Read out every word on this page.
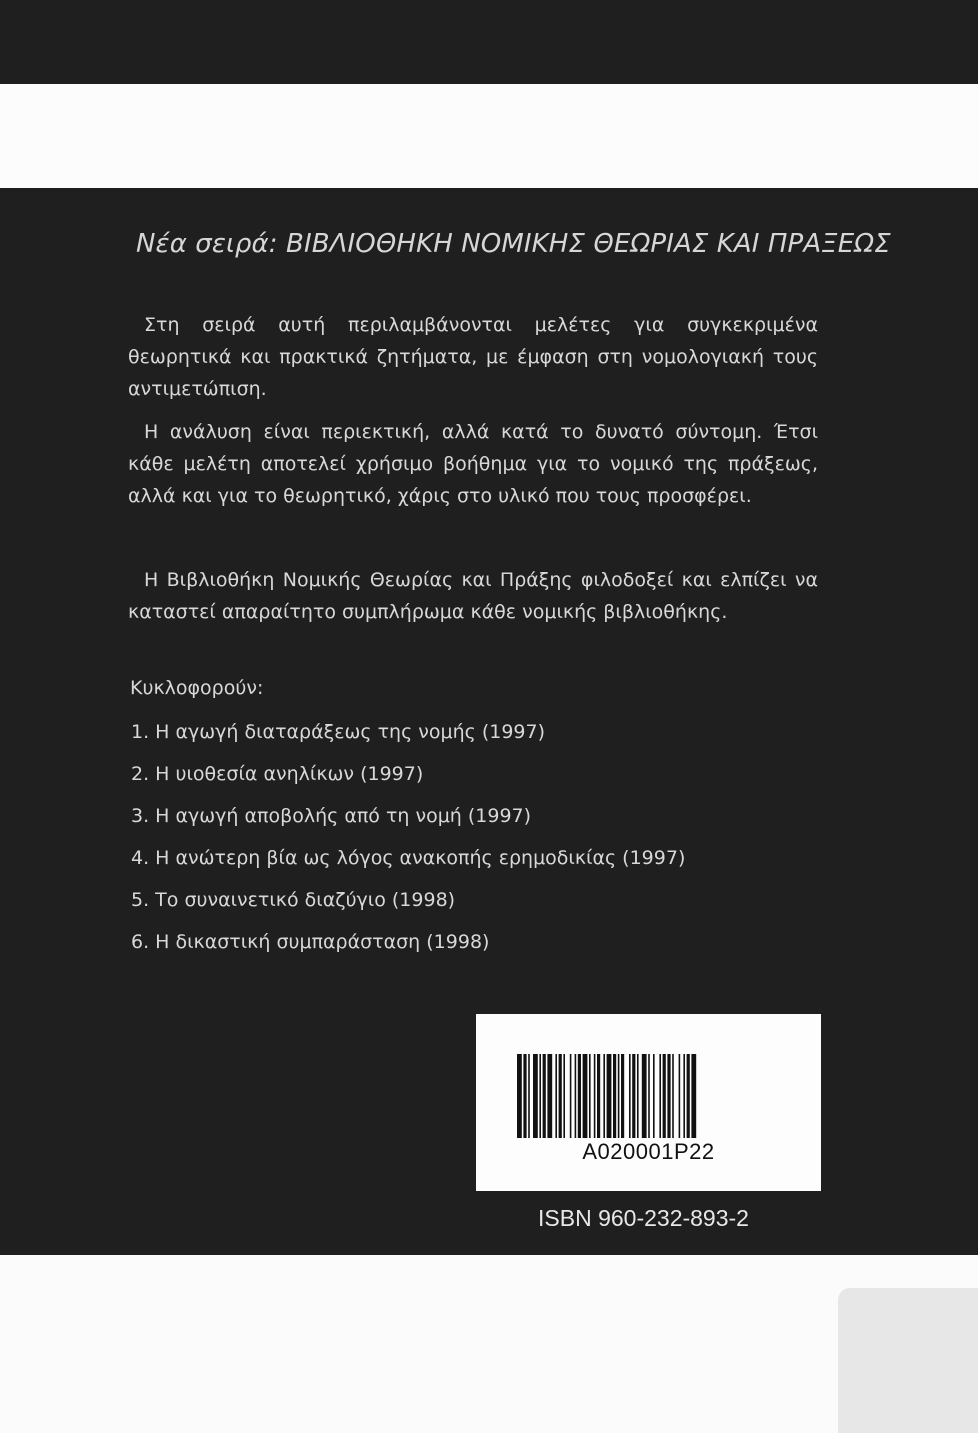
Νέα σειρά: ΒΙΒΛΙΟΘΗΚΗ ΝΟΜΙΚΗΣ ΘΕΩΡΙΑΣ ΚΑΙ ΠΡΑΞΕΩΣ

Στη σειρά αυτή περιλαμβάνονται μελέτες για συγκεκριμένα θεωρητικά και πρακτικά ζητήματα, με έμφαση στη νομολογιακή τους αντιμετώπιση.

Η ανάλυση είναι περιεκτική, αλλά κατά το δυνατό σύντομη. Έτσι κάθε μελέτη αποτελεί χρήσιμο βοήθημα για το νομικό της πράξεως, αλλά και για το θεωρητικό, χάρις στο υλικό που τους προσφέρει.

Η Βιβλιοθήκη Νομικής Θεωρίας και Πράξης φιλοδοξεί και ελπίζει να καταστεί απαραίτητο συμπλήρωμα κάθε νομικής βιβλιοθήκης.

Κυκλοφορούν:
1. Η αγωγή διαταράξεως της νομής (1997)
2. Η υιοθεσία ανηλίκων (1997)
3. Η αγωγή αποβολής από τη νομή (1997)
4. Η ανώτερη βία ως λόγος ανακοπής ερημοδικίας (1997)
5. Το συναινετικό διαζύγιο (1998)
6. Η δικαστική συμπαράσταση (1998)
A020001P22
ISBN 960-232-893-2
